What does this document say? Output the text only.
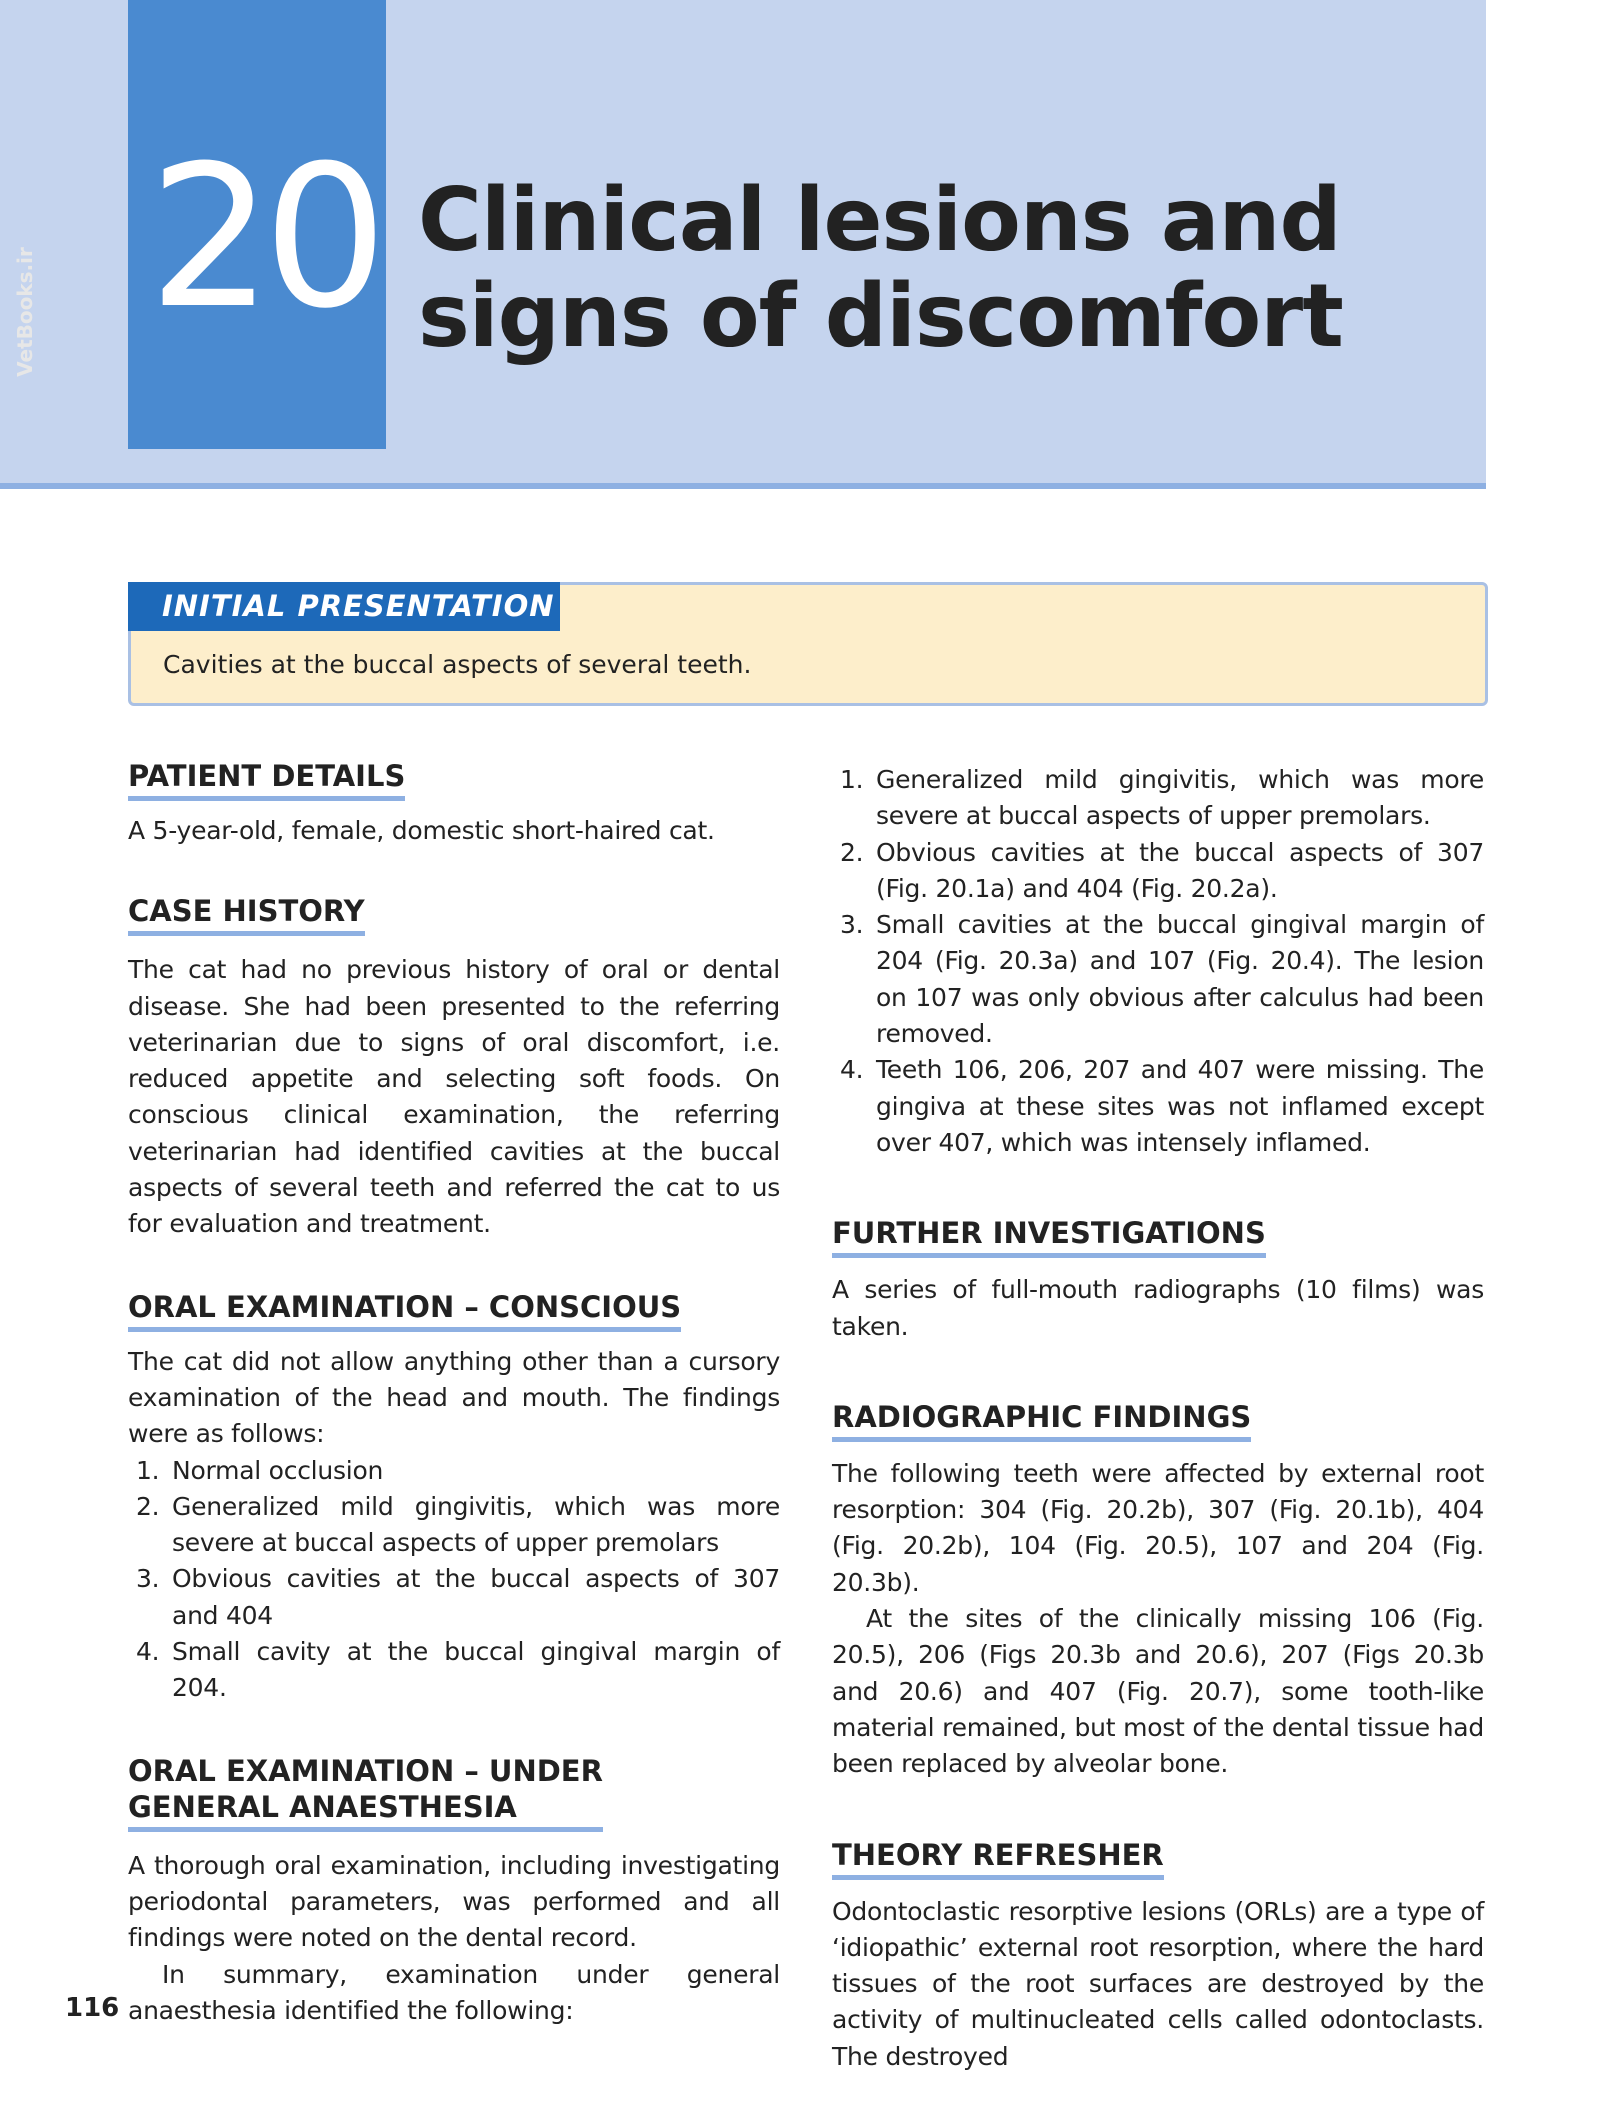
20 Clinical lesions and signs of discomfort
VetBooks.ir
INITIAL PRESENTATION
Cavities at the buccal aspects of several teeth.
PATIENT DETAILS

A 5-year-old, female, domestic short-haired cat.

CASE HISTORY

The cat had no previous history of oral or dental disease. She had been presented to the referring veterinarian due to signs of oral discomfort, i.e. reduced appetite and selecting soft foods. On conscious clinical examination, the referring veterinarian had identified cavities at the buccal aspects of several teeth and referred the cat to us for evaluation and treatment.

ORAL EXAMINATION – CONSCIOUS

The cat did not allow anything other than a cursory examination of the head and mouth. The findings were as follows:

1. Normal occlusion
2. Generalized mild gingivitis, which was more severe at buccal aspects of upper premolars
3. Obvious cavities at the buccal aspects of 307 and 404
4. Small cavity at the buccal gingival margin of 204.
ORAL EXAMINATION – UNDER
GENERAL ANAESTHESIA

A thorough oral examination, including investigating periodontal parameters, was performed and all findings were noted on the dental record.

In summary, examination under general anaesthesia identified the following:

1. Generalized mild gingivitis, which was more severe at buccal aspects of upper premolars.
2. Obvious cavities at the buccal aspects of 307 (Fig. 20.1a) and 404 (Fig. 20.2a).
3. Small cavities at the buccal gingival margin of 204 (Fig. 20.3a) and 107 (Fig. 20.4). The lesion on 107 was only obvious after calculus had been removed.
4. Teeth 106, 206, 207 and 407 were missing. The gingiva at these sites was not inflamed except over 407, which was intensely inflamed.
FURTHER INVESTIGATIONS

A series of full-mouth radiographs (10 films) was taken.

RADIOGRAPHIC FINDINGS

The following teeth were affected by external root resorption: 304 (Fig. 20.2b), 307 (Fig. 20.1b), 404 (Fig. 20.2b), 104 (Fig. 20.5), 107 and 204 (Fig. 20.3b).

At the sites of the clinically missing 106 (Fig. 20.5), 206 (Figs 20.3b and 20.6), 207 (Figs 20.3b and 20.6) and 407 (Fig. 20.7), some tooth-like material remained, but most of the dental tissue had been replaced by alveolar bone.

THEORY REFRESHER

Odontoclastic resorptive lesions (ORLs) are a type of ‘idiopathic’ external root resorption, where the hard tissues of the root surfaces are destroyed by the activity of multinucleated cells called odontoclasts. The destroyed

116
